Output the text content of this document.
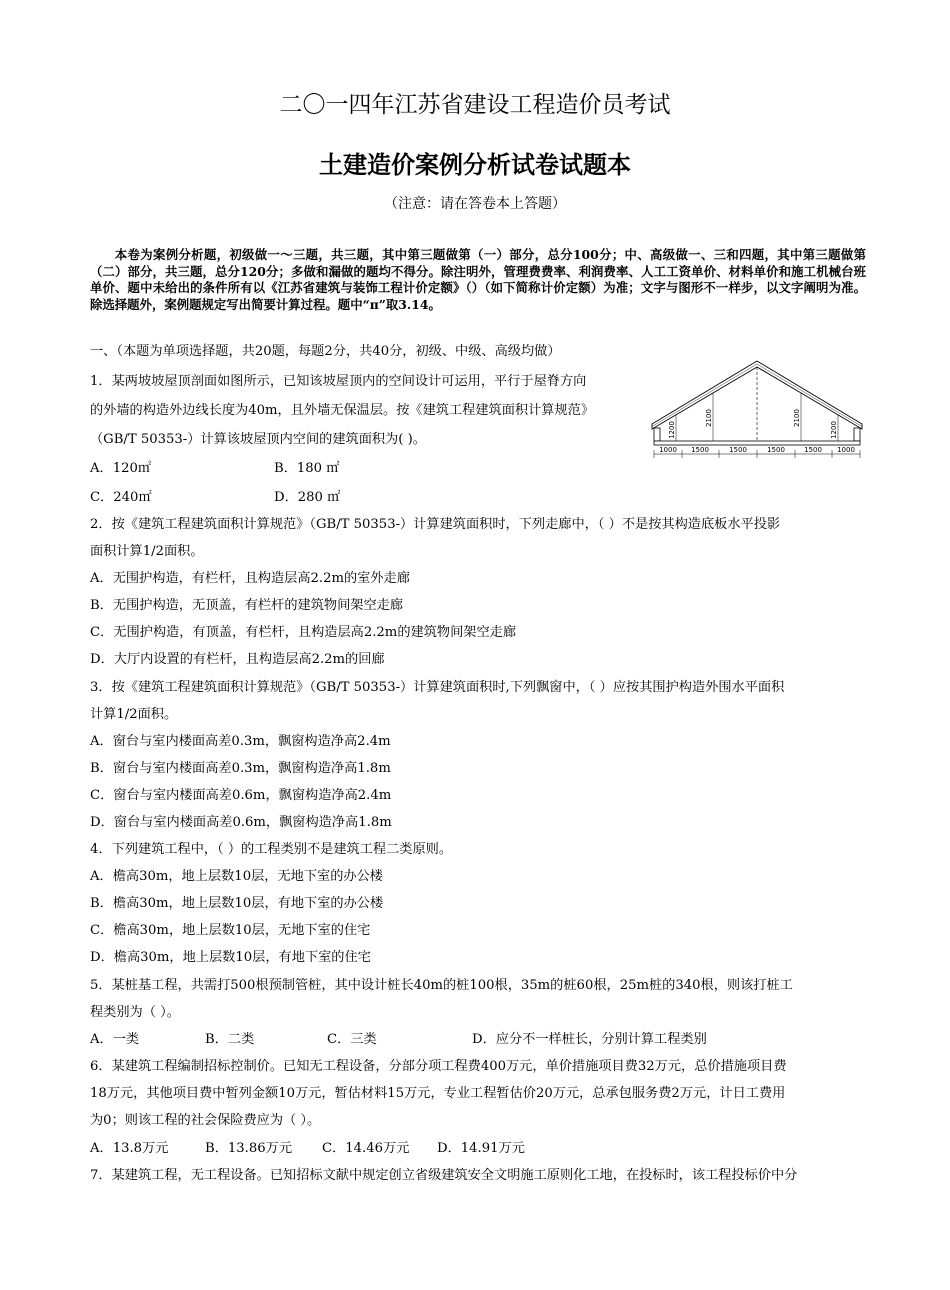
二〇一四年江苏省建设工程造价员考试
土建造价案例分析试卷试题本
（注意：请在答卷本上答题）
本卷为案例分析题，初级做一～三题，共三题，其中第三题做第（一）部分，总分100分；中、高级做一、三和四题，其中第三题做第（二）部分，共三题，总分120分；多做和漏做的题均不得分。除注明外，管理费费率、利润费率、人工工资单价、材料单价和施工机械台班单价、题中未给出的条件所有以《江苏省建筑与装饰工程计价定额》（）（如下简称计价定额）为准；文字与图形不一样步，以文字阐明为准。除选择题外，案例题规定写出简要计算过程。题中“π”取3.14。
一、（本题为单项选择题，共20题，每题2分，共40分，初级、中级、高级均做）
1．某两坡坡屋顶剖面如图所示，已知该坡屋顶内的空间设计可运用，平行于屋脊方向
的外墙的构造外边线长度为40m，且外墙无保温层。按《建筑工程建筑面积计算规范》
（GB/T 50353-）计算该坡屋顶内空间的建筑面积为( )。
A．120㎡	B．180 ㎡
C．240㎡	D．280 ㎡
1200
2100	2100
1200
1000 1500	1500	1500	1500 1000
2．按《建筑工程建筑面积计算规范》（GB/T 50353-）计算建筑面积时，下列走廊中，（ ）不是按其构造底板水平投影
面积计算1/2面积。
A．无围护构造，有栏杆，且构造层高2.2m的室外走廊
B．无围护构造，无顶盖，有栏杆的建筑物间架空走廊
C．无围护构造，有顶盖，有栏杆，且构造层高2.2m的建筑物间架空走廊
D．大厅内设置的有栏杆，且构造层高2.2m的回廊
3．按《建筑工程建筑面积计算规范》（GB/T 50353-）计算建筑面积时,下列飘窗中，（ ）应按其围护构造外围水平面积
计算1/2面积。
A．窗台与室内楼面高差0.3m，飘窗构造净高2.4m
B．窗台与室内楼面高差0.3m，飘窗构造净高1.8m
C．窗台与室内楼面高差0.6m，飘窗构造净高2.4m
D．窗台与室内楼面高差0.6m，飘窗构造净高1.8m
4．下列建筑工程中，（ ）的工程类别不是建筑工程二类原则。
A．檐高30m，地上层数10层，无地下室的办公楼
B．檐高30m，地上层数10层，有地下室的办公楼
C．檐高30m，地上层数10层，无地下室的住宅
D．檐高30m，地上层数10层，有地下室的住宅
5．某桩基工程，共需打500根预制管桩，其中设计桩长40m的桩100根，35m的桩60根，25m桩的340根，则该打桩工
程类别为（ ）。
A．一类	B．二类	C．三类	D．应分不一样桩长，分别计算工程类别
6．某建筑工程编制招标控制价。已知无工程设备，分部分项工程费400万元，单价措施项目费32万元，总价措施项目费
18万元，其他项目费中暂列金额10万元，暂估材料15万元，专业工程暂估价20万元，总承包服务费2万元，计日工费用
为0；则该工程的社会保险费应为（ ）。
A．13.8万元	B．13.86万元 C．14.46万元 D．14.91万元
7．某建筑工程，无工程设备。已知招标文献中规定创立省级建筑安全文明施工原则化工地，在投标时，该工程投标价中分
